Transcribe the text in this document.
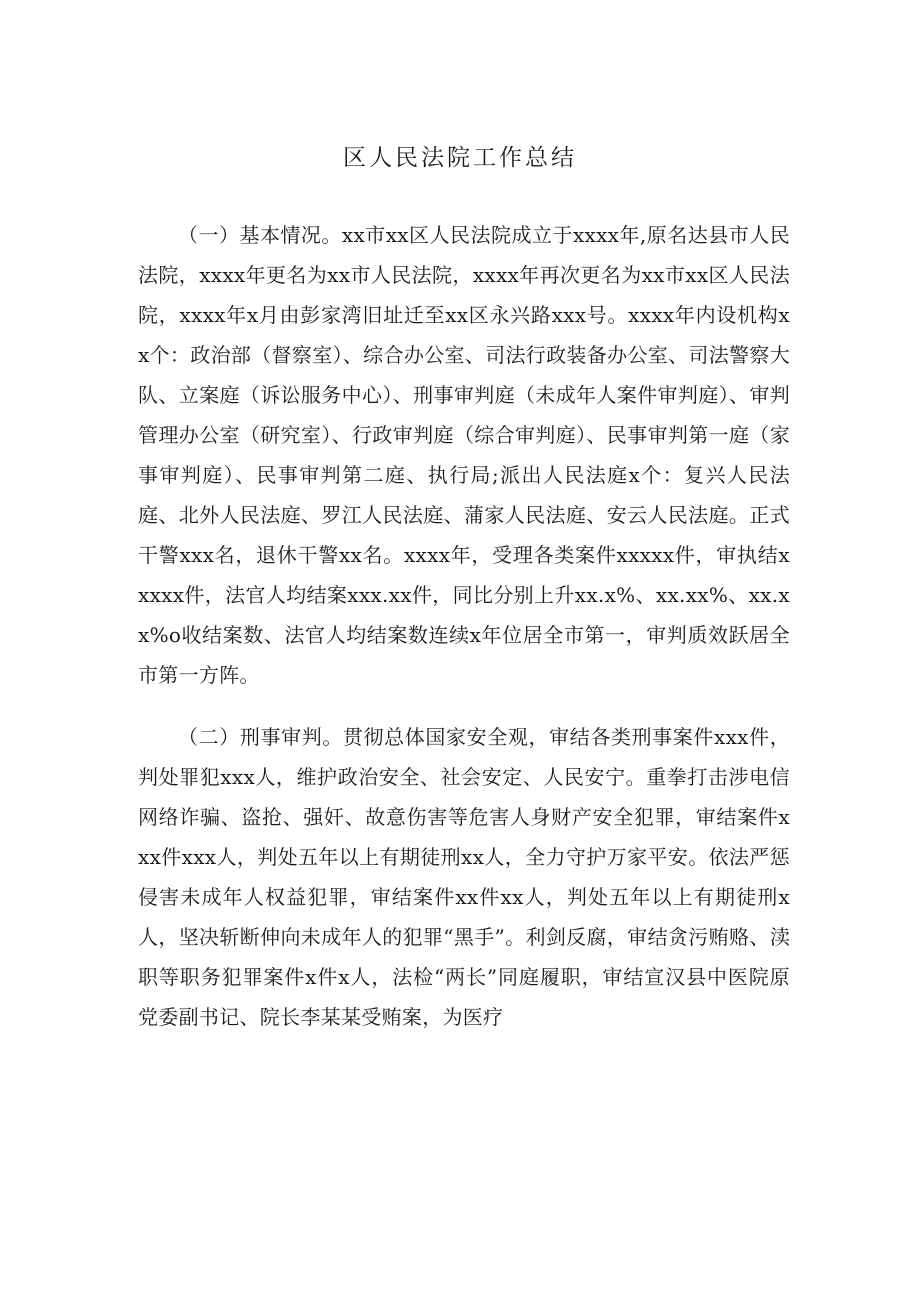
区人民法院工作总结

（一）基本情况。xx市xx区人民法院成立于xxxx年,原名达县市人民法院，xxxx年更名为xx市人民法院，xxxx年再次更名为xx市xx区人民法院，xxxx年x月由彭家湾旧址迁至xx区永兴路xxx号。xxxx年内设机构xx个：政治部（督察室）、综合办公室、司法行政装备办公室、司法警察大队、立案庭（诉讼服务中心）、刑事审判庭（未成年人案件审判庭）、审判管理办公室（研究室）、行政审判庭（综合审判庭）、民事审判第一庭（家事审判庭）、民事审判第二庭、执行局;派出人民法庭x个：复兴人民法庭、北外人民法庭、罗江人民法庭、蒲家人民法庭、安云人民法庭。正式干警xxx名，退休干警xx名。xxxx年，受理各类案件xxxxx件，审执结xxxxx件，法官人均结案xxx.xx件，同比分别上升xx.x%、xx.xx%、xx.xx%o收结案数、法官人均结案数连续x年位居全市第一，审判质效跃居全市第一方阵。

（二）刑事审判。贯彻总体国家安全观，审结各类刑事案件xxx件，判处罪犯xxx人，维护政治安全、社会安定、人民安宁。重拳打击涉电信网络诈骗、盗抢、强奸、故意伤害等危害人身财产安全犯罪，审结案件xxx件xxx人，判处五年以上有期徒刑xx人，全力守护万家平安。依法严惩侵害未成年人权益犯罪，审结案件xx件xx人，判处五年以上有期徒刑x人，坚决斩断伸向未成年人的犯罪“黑手”。利剑反腐，审结贪污贿赂、渎职等职务犯罪案件x件x人，法检“两长”同庭履职，审结宣汉县中医院原党委副书记、院长李某某受贿案，为医疗
